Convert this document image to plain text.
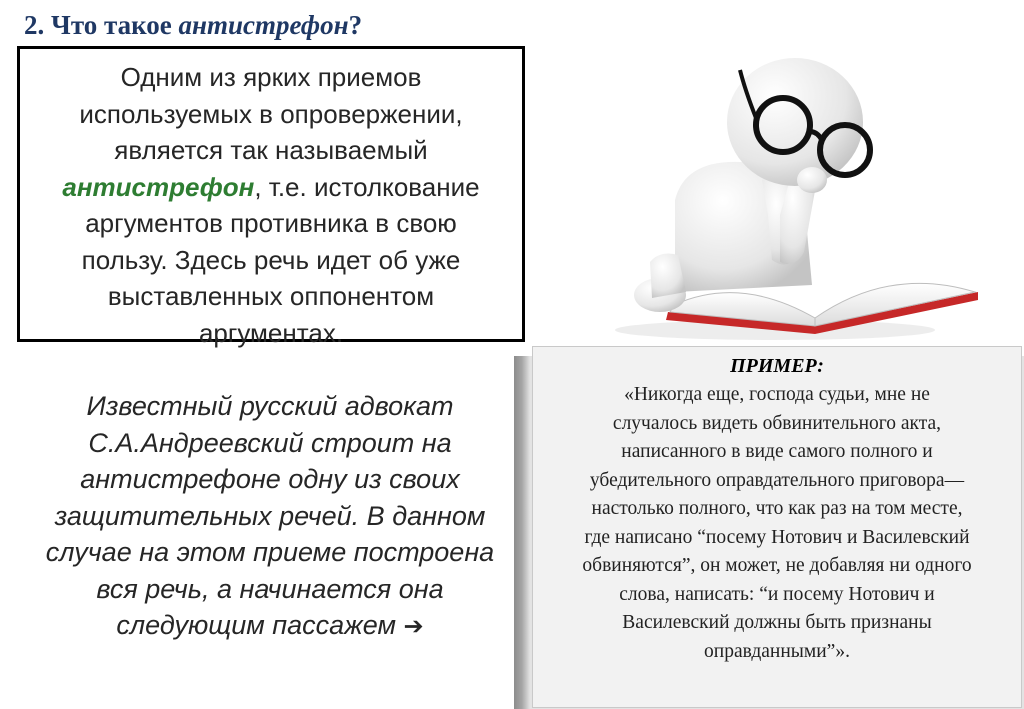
2. Что такое антистрефон?
Одним из ярких приемов
используемых в опровержении,
является так называемый
антистрефон, т.е. истолкование
аргументов противника в свою
пользу. Здесь речь идет об уже
выставленных оппонентом
аргументах.
Известный русский адвокат
С.А.Андреевский строит на
антистрефоне одну из своих
защитительных речей. В данном
случае на этом приеме построена
вся речь, а начинается она
следующим пассажем ➔
ПРИМЕР:
«Никогда еще, господа судьи, мне не
случалось видеть обвинительного акта,
написанного в виде самого полного и
убедительного оправдательного приговора—
настолько полного, что как раз на том месте,
где написано “посему Нотович и Василевский
обвиняются”, он может, не добавляя ни одного
слова, написать: “и посему Нотович и
Василевский должны быть признаны
оправданными”».
